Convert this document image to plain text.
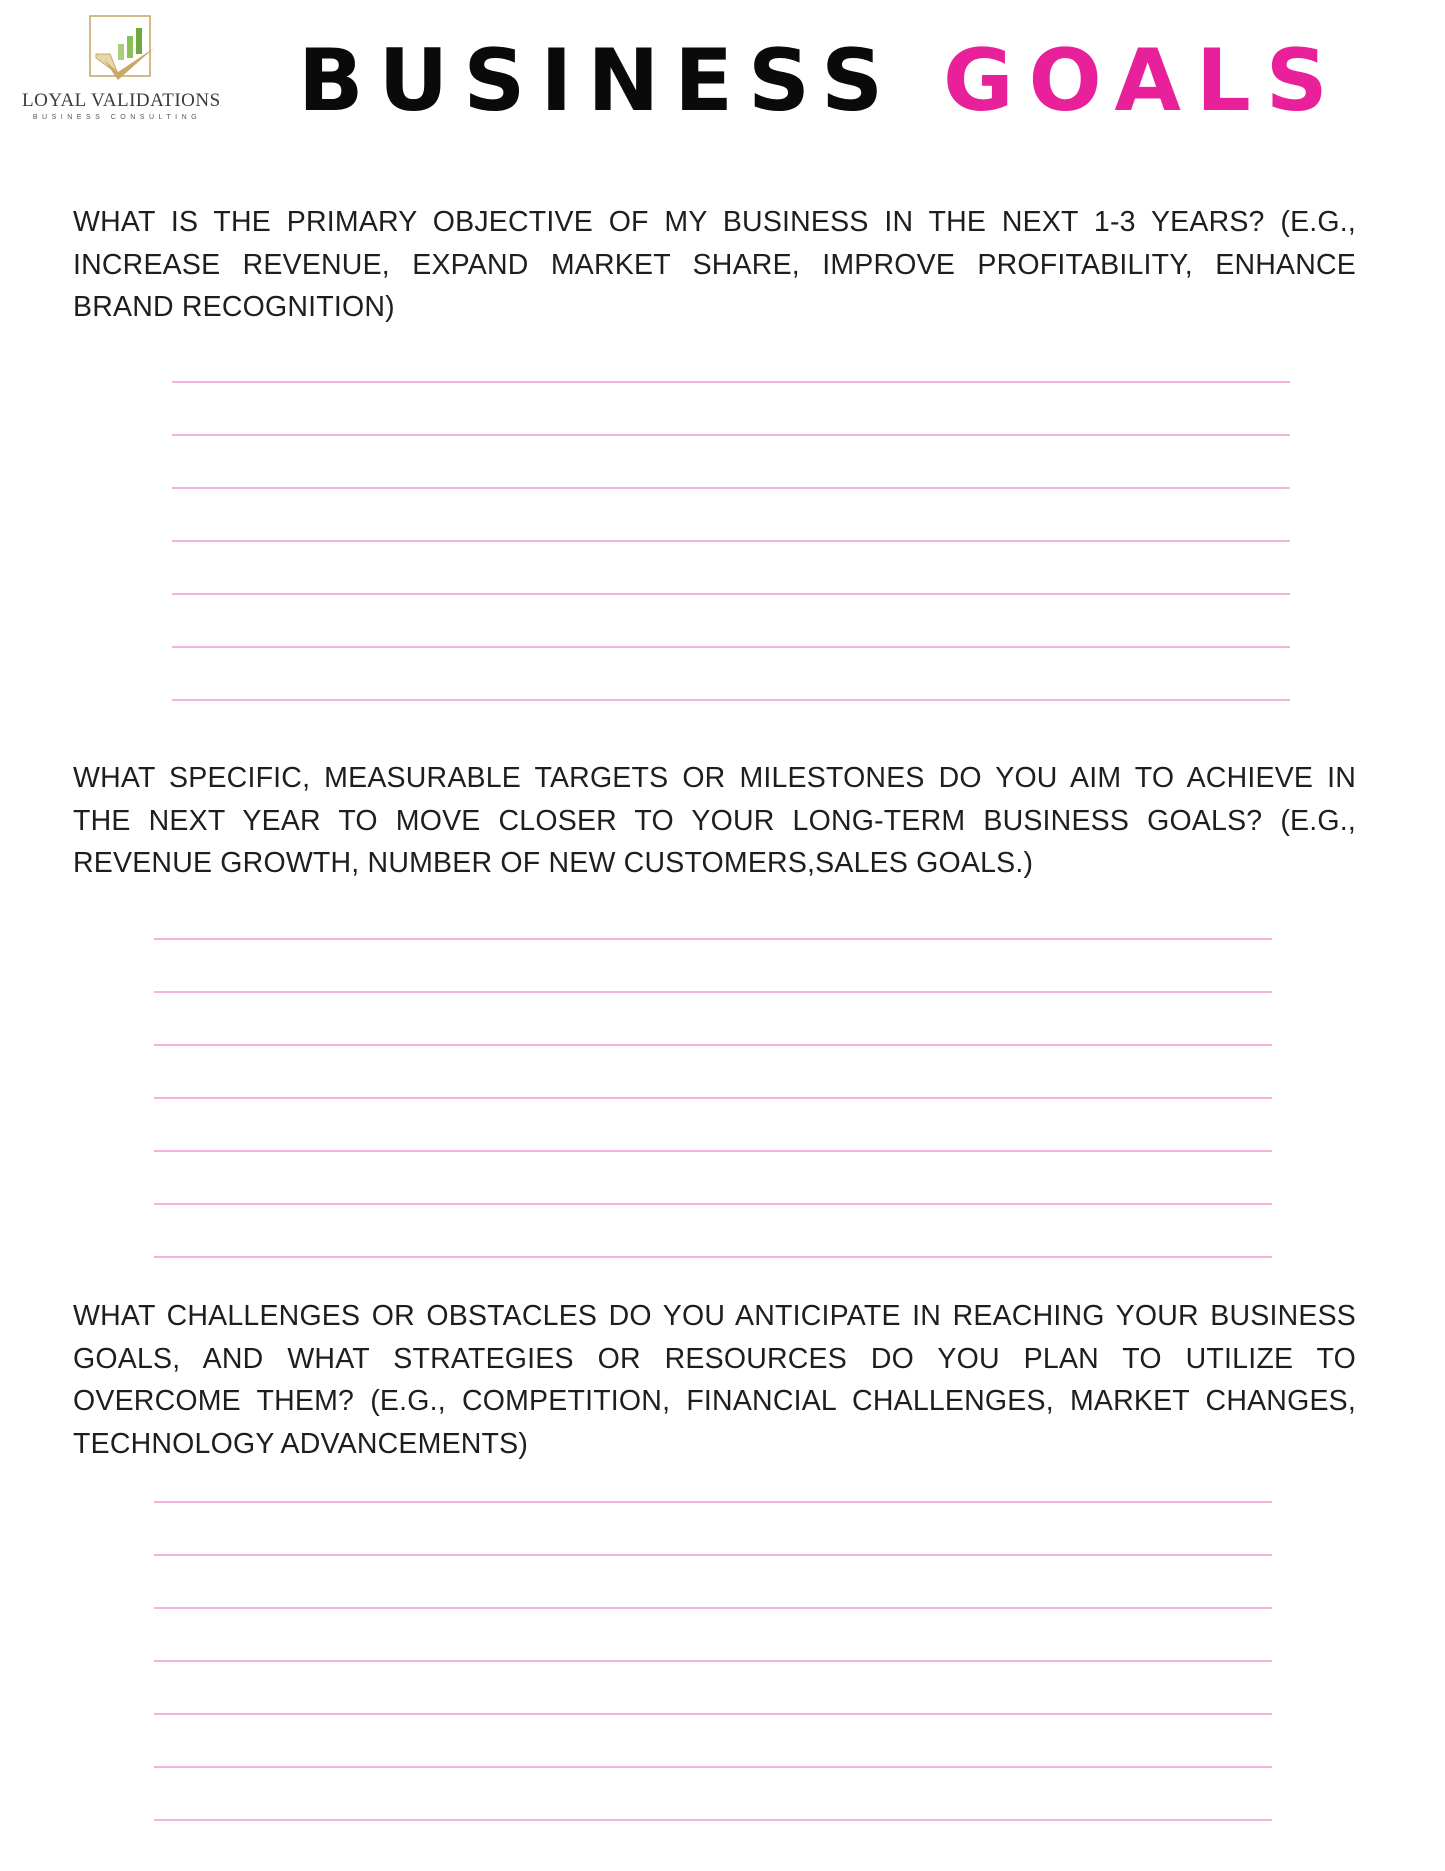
LOYAL VALIDATIONS
BUSINESS CONSULTING BUSINESS GOALS

WHAT IS THE PRIMARY OBJECTIVE OF MY BUSINESS IN THE NEXT 1-3 YEARS? (E.G., INCREASE REVENUE, EXPAND MARKET SHARE, IMPROVE PROFITABILITY, ENHANCE BRAND RECOGNITION)

WHAT SPECIFIC, MEASURABLE TARGETS OR MILESTONES DO YOU AIM TO ACHIEVE IN THE NEXT YEAR TO MOVE CLOSER TO YOUR LONG-TERM BUSINESS GOALS? (E.G., REVENUE GROWTH, NUMBER OF NEW CUSTOMERS,SALES GOALS.)

WHAT CHALLENGES OR OBSTACLES DO YOU ANTICIPATE IN REACHING YOUR BUSINESS GOALS, AND WHAT STRATEGIES OR RESOURCES DO YOU PLAN TO UTILIZE TO OVERCOME THEM? (E.G., COMPETITION, FINANCIAL CHALLENGES, MARKET CHANGES, TECHNOLOGY ADVANCEMENTS)
